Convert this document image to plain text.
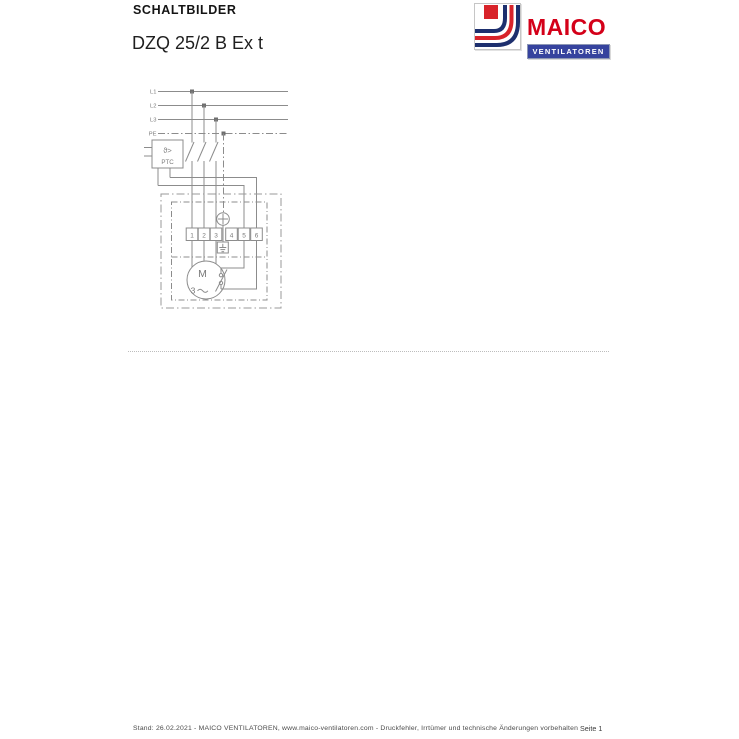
SCHALTBILDER
DZQ 25/2 B Ex t
MAICO
VENTILATOREN
L1
L2
L3
PE
ϑ>
PTC
1 2 3 4 5 6
M
3
Stand: 26.02.2021 - MAICO VENTILATOREN, www.maico-ventilatoren.com - Druckfehler, Irrtümer und technische Änderungen vorbehalten Seite 1
